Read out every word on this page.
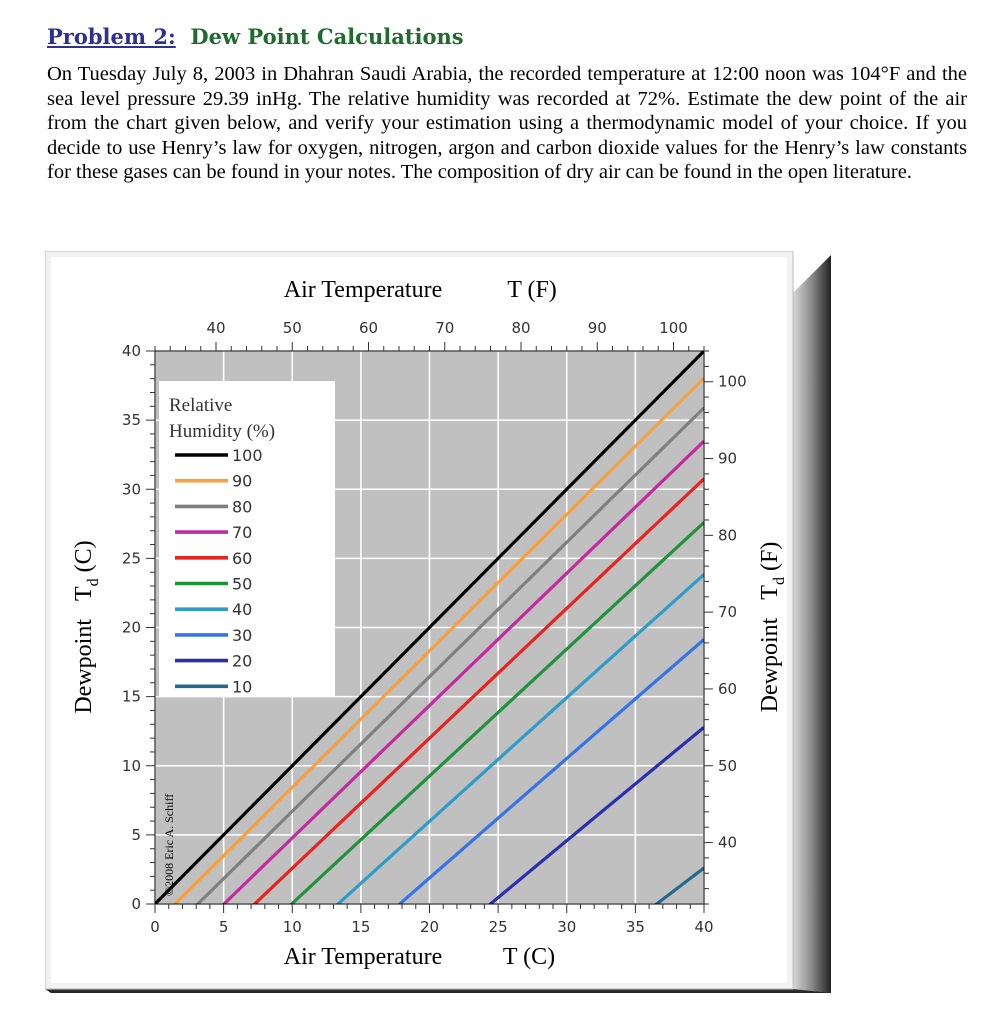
Problem 2: Dew Point Calculations
On Tuesday July 8, 2003 in Dhahran Saudi Arabia, the recorded temperature at 12:00 noon was 104°F and the sea level pressure 29.39 inHg. The relative humidity was recorded at 72%. Estimate the dew point of the air from the chart given below, and verify your estimation using a thermodynamic model of your choice. If you decide to use Henry’s law for oxygen, nitrogen, argon and carbon dioxide values for the Henry’s law constants for these gases can be found in your notes. The composition of dry air can be found in the open literature.
0	5	10	15	20	25	30	35	40
0
5
10
15
20
25
30
35
40
40	50	60	70	80	90	100
40
50
60
70
80
90
100
Relative
Humidity (%)
100
90
80
70
60
50
40
30
20
10
Air Temperature	T (F)
Air Temperature	T (C)
DewpointT$_d$(C)
DewpointT$_d$(F)
©2008 Eric A. Schiff
